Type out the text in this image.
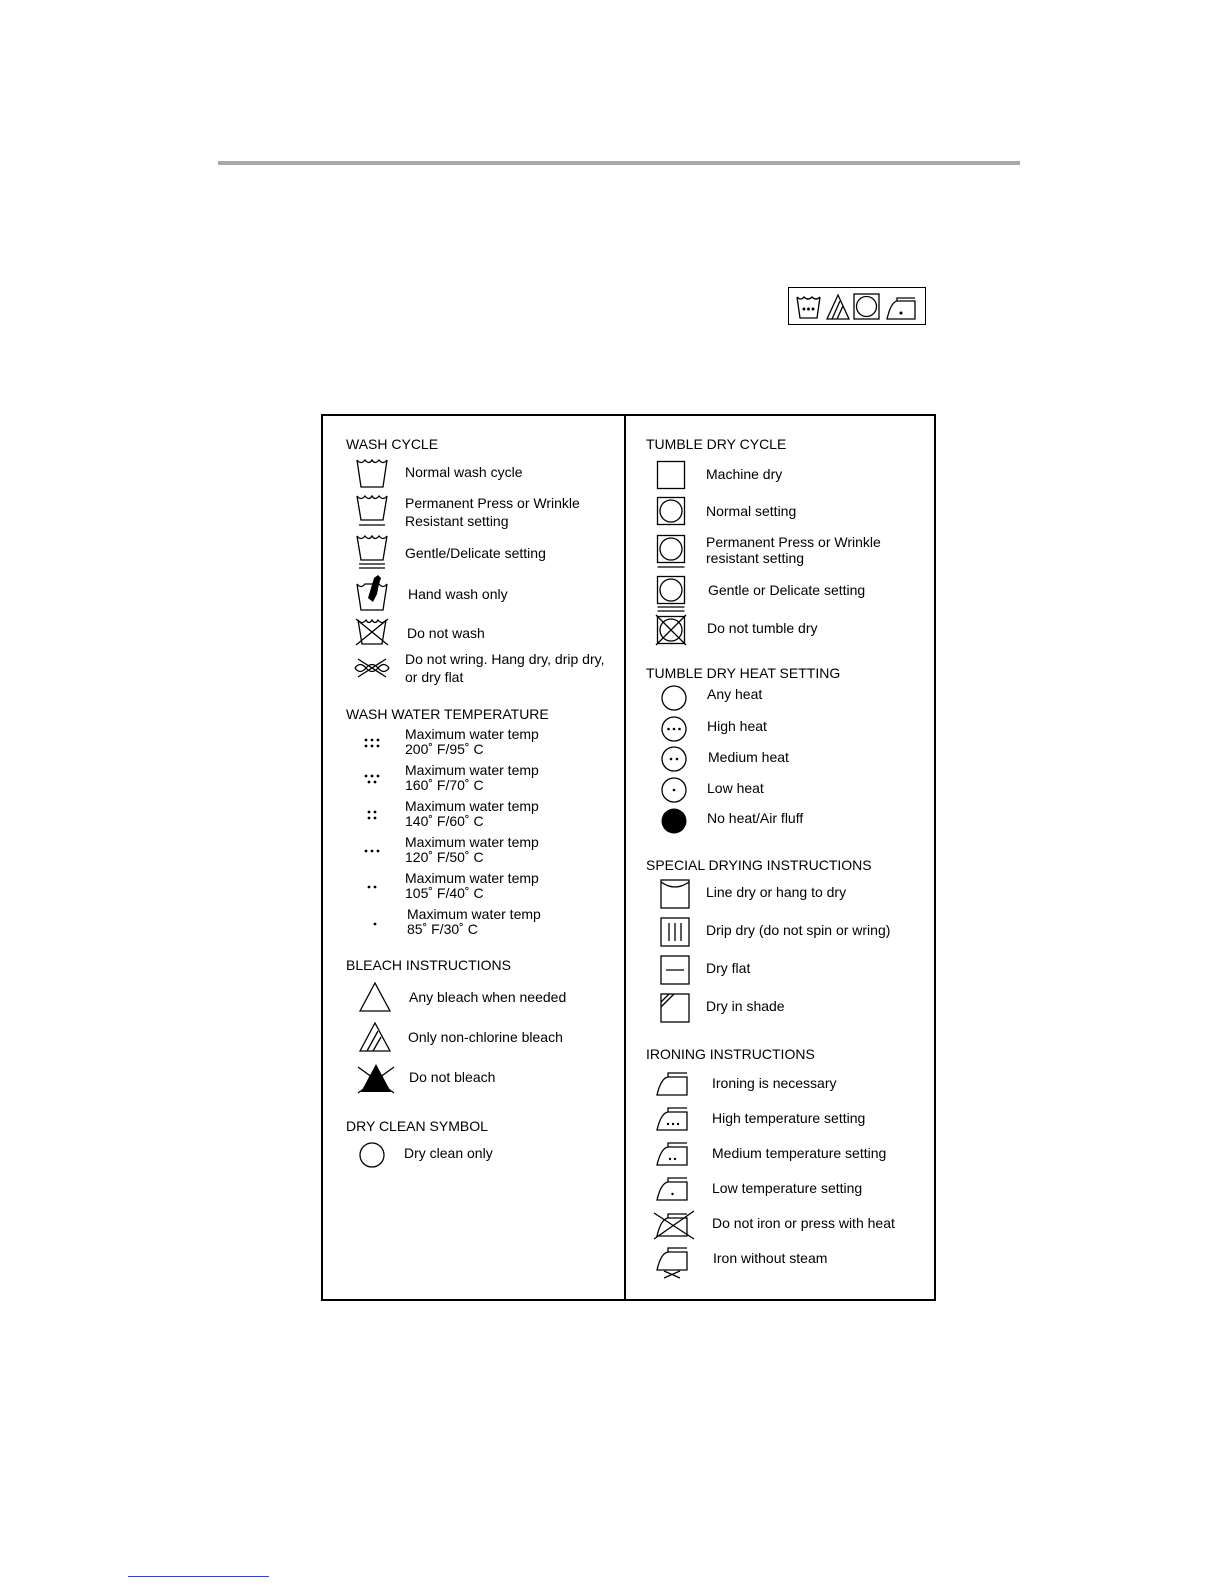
WASH CYCLE
Normal wash cycle
Permanent Press or Wrinkle Resistant setting
Gentle/Delicate setting
Hand wash only
Do not wash
Do not wring. Hang dry, drip dry, or dry flat
WASH WATER TEMPERATURE
Maximum water temp
200˚ F/95˚ C
Maximum water temp
160˚ F/70˚ C
Maximum water temp
140˚ F/60˚ C
Maximum water temp
120˚ F/50˚ C
Maximum water temp
105˚ F/40˚ C
Maximum water temp
85˚ F/30˚ C
BLEACH INSTRUCTIONS
Any bleach when needed
Only non-chlorine bleach
Do not bleach
DRY CLEAN SYMBOL
Dry clean only
TUMBLE DRY CYCLE
Machine dry
Normal setting
Permanent Press or Wrinkle resistant setting
Gentle or Delicate setting
Do not tumble dry
TUMBLE DRY HEAT SETTING
Any heat
High heat
Medium heat
Low heat
No heat/Air fluff
SPECIAL DRYING INSTRUCTIONS
Line dry or hang to dry
Drip dry (do not spin or wring)
Dry flat
Dry in shade
IRONING INSTRUCTIONS
Ironing is necessary
High temperature setting
Medium temperature setting
Low temperature setting
Do not iron or press with heat
Iron without steam
